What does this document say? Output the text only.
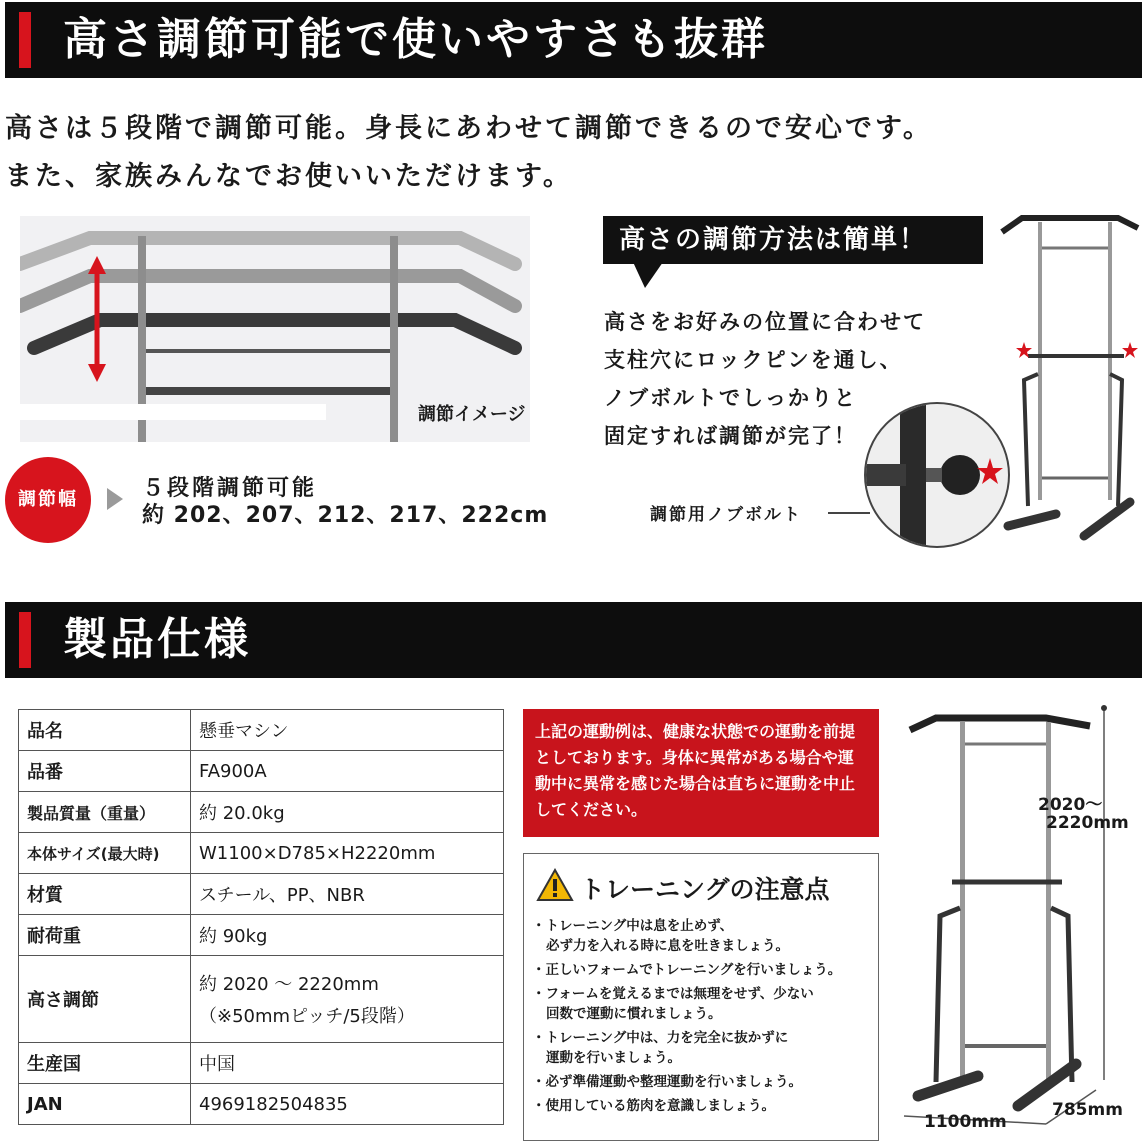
高さ調節可能で使いやすさも抜群
高さは５段階で調節可能。身長にあわせて調節できるので安心です。
また、家族みんなでお使いいただけます。
調節イメージ
調節幅	５段階調節可能
約 202、207、212、217、222cm
高さの調節方法は簡単！
高さをお好みの位置に合わせて
支柱穴にロックピンを通し、
ノブボルトでしっかりと
固定すれば調節が完了！
調節用ノブボルト
製品仕様
品名	懸垂マシン
品番	FA900A
製品質量（重量）	約 20.0kg
本体サイズ(最大時)	W1100×D785×H2220mm
材質	スチール、PP、NBR
耐荷重	約 90kg
高さ調節	約 2020 ～ 2220mm
（※50mmピッチ/5段階）

生産国	中国
JAN	4969182504835
上記の運動例は、健康な状態での運動を前提としております。身体に異常がある場合や運動中に異常を感じた場合は直ちに運動を中止してください。
トレーニングの注意点
・ トレーニング中は息を止めず、
必ず力を入れる時に息を吐きましょう。
・ 正しいフォームでトレーニングを行いましょう。
・ フォームを覚えるまでは無理をせず、少ない
回数で運動に慣れましょう。
・ トレーニング中は、力を完全に抜かずに
運動を行いましょう。
・ 必ず準備運動や整理運動を行いましょう。
・ 使用している筋肉を意識しましょう。
2020～
2220mm
1100mm
785mm
